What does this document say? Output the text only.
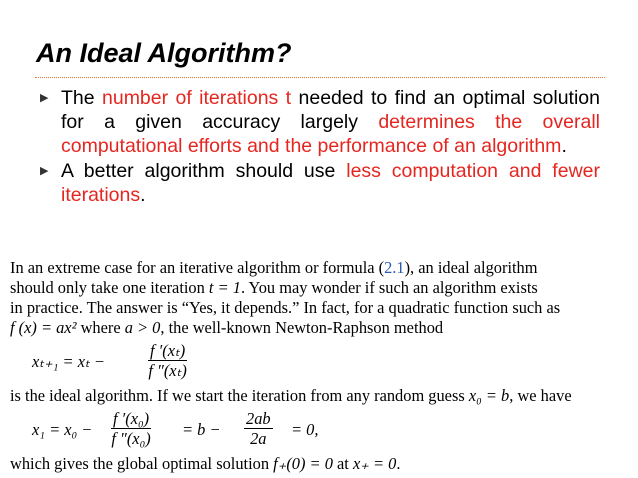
An Ideal Algorithm?
▶ The number of iterations t needed to find an optimal solution for a given accuracy largely determines the overall computational efforts and the performance of an algorithm.
▶ A better algorithm should use less computation and fewer iterations.
In an extreme case for an iterative algorithm or formula (2.1), an ideal algorithm
should only take one iteration t = 1. You may wonder if such an algorithm exists
in practice. The answer is “Yes, it depends.” In fact, for a quadratic function such as
f (x) = ax² where a > 0, the well-known Newton-Raphson method
xₜ₊₁ = xₜ −	$\frac{\text{f ′(xₜ)}}{\text{f ″(xₜ)}}$
is the ideal algorithm. If we start the iteration from any random guess x₀ = b, we have
$x_1 = x_0 - \frac{\text{f ′(x₀)}}{\text{f ″(x₀)}} = b - \frac{2ab}{2a} = 0$,
which gives the global optimal solution f₊(0) = 0 at x₊ = 0.
